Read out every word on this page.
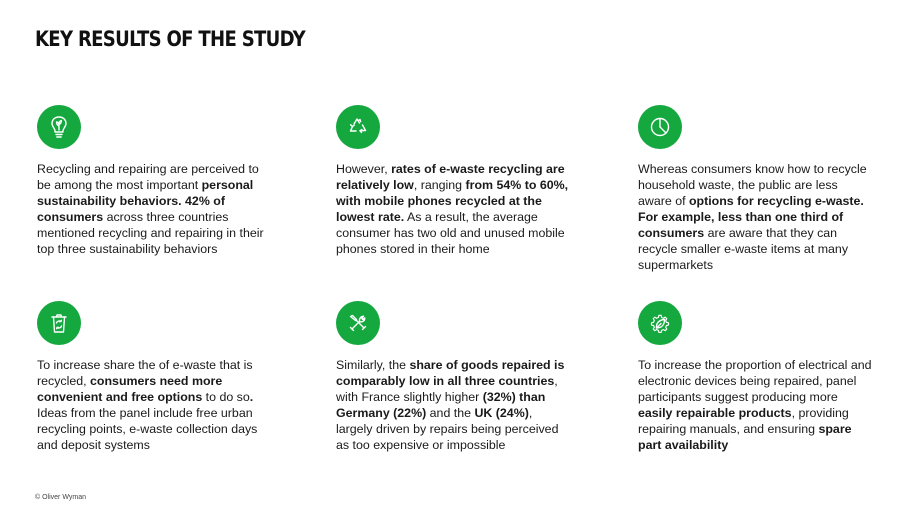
KEY RESULTS OF THE STUDY
Recycling and repairing are perceived to be among the most important personal sustainability behaviors. 42% of consumers across three countries mentioned recycling and repairing in their top three sustainability behaviors
However, rates of e-waste recycling are relatively low, ranging from 54% to 60%, with mobile phones recycled at the lowest rate. As a result, the average consumer has two old and unused mobile phones stored in their home
Whereas consumers know how to recycle household waste, the public are less aware of options for recycling e-waste. For example, less than one third of consumers are aware that they can recycle smaller e-waste items at many supermarkets
To increase share the of e-waste that is recycled, consumers need more convenient and free options to do so. Ideas from the panel include free urban recycling points, e-waste collection days and deposit systems
Similarly, the share of goods repaired is comparably low in all three countries, with France slightly higher (32%) than Germany (22%) and the UK (24%), largely driven by repairs being perceived as too expensive or impossible
To increase the proportion of electrical and electronic devices being repaired, panel participants suggest producing more easily repairable products, providing repairing manuals, and ensuring spare part availability
© Oliver Wyman
